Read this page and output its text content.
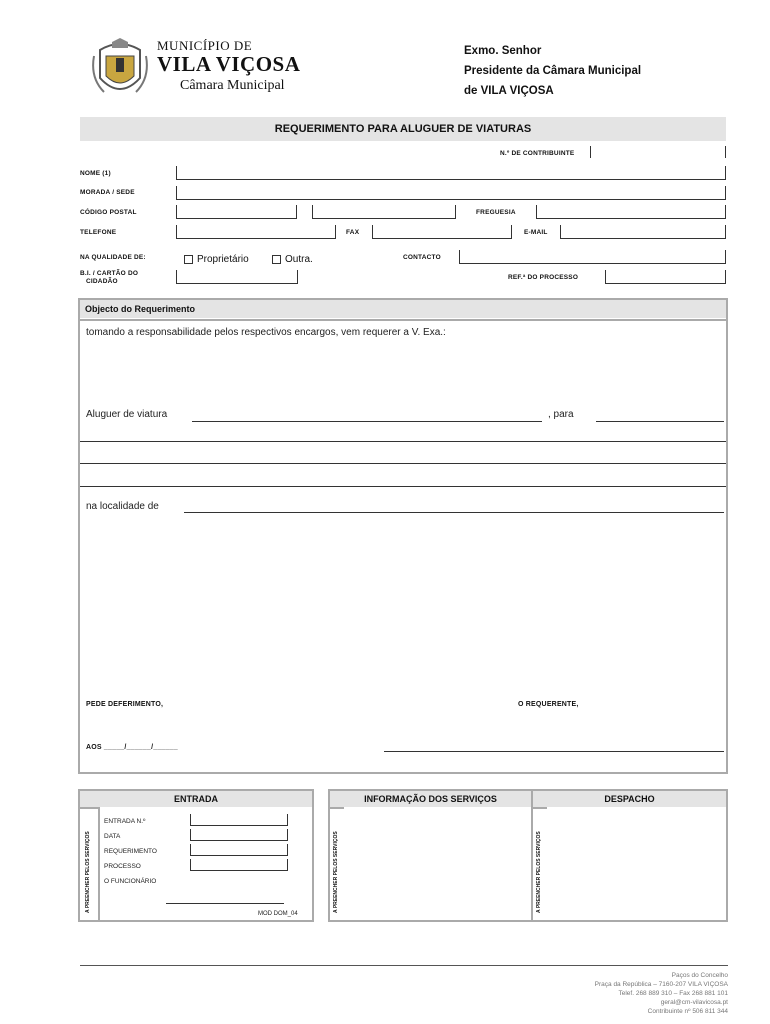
MUNICÍPIO DE
VILA VIÇOSA
Câmara Municipal
Exmo. Senhor
Presidente da Câmara Municipal
de VILA VIÇOSA
REQUERIMENTO PARA ALUGUER DE VIATURAS
N.º DE CONTRIBUINTE
NOME (1)
MORADA / SEDE
CÓDIGO POSTAL	FREGUESIA
TELEFONE	FAX	E-MAIL
NA QUALIDADE DE:	Proprietário	Outra.	CONTACTO
B.I. / CARTÃO DO
CIDADÃO
REF.ª DO PROCESSO
Objecto do Requerimento
tomando a responsabilidade pelos respectivos encargos, vem requerer a V. Exa.:
Aluguer de viatura	, para
na localidade de
PEDE DEFERIMENTO,	O REQUERENTE,
AOS _____/______/______
ENTRADA
A PREENCHER PELOS SERVIÇOS
ENTRADA N.º
DATA
REQUERIMENTO
PROCESSO
O FUNCIONÁRIO
MOD DOM_04
INFORMAÇÃO DOS SERVIÇOS
A PREENCHER PELOS SERVIÇOS
DESPACHO
A PREENCHER PELOS SERVIÇOS
Paços do Concelho
Praça da República – 7160-207 VILA VIÇOSA
Telef. 268 889 310 – Fax 268 881 101
geral@cm-vilavicosa.pt
Contribuinte nº 506 811 344
